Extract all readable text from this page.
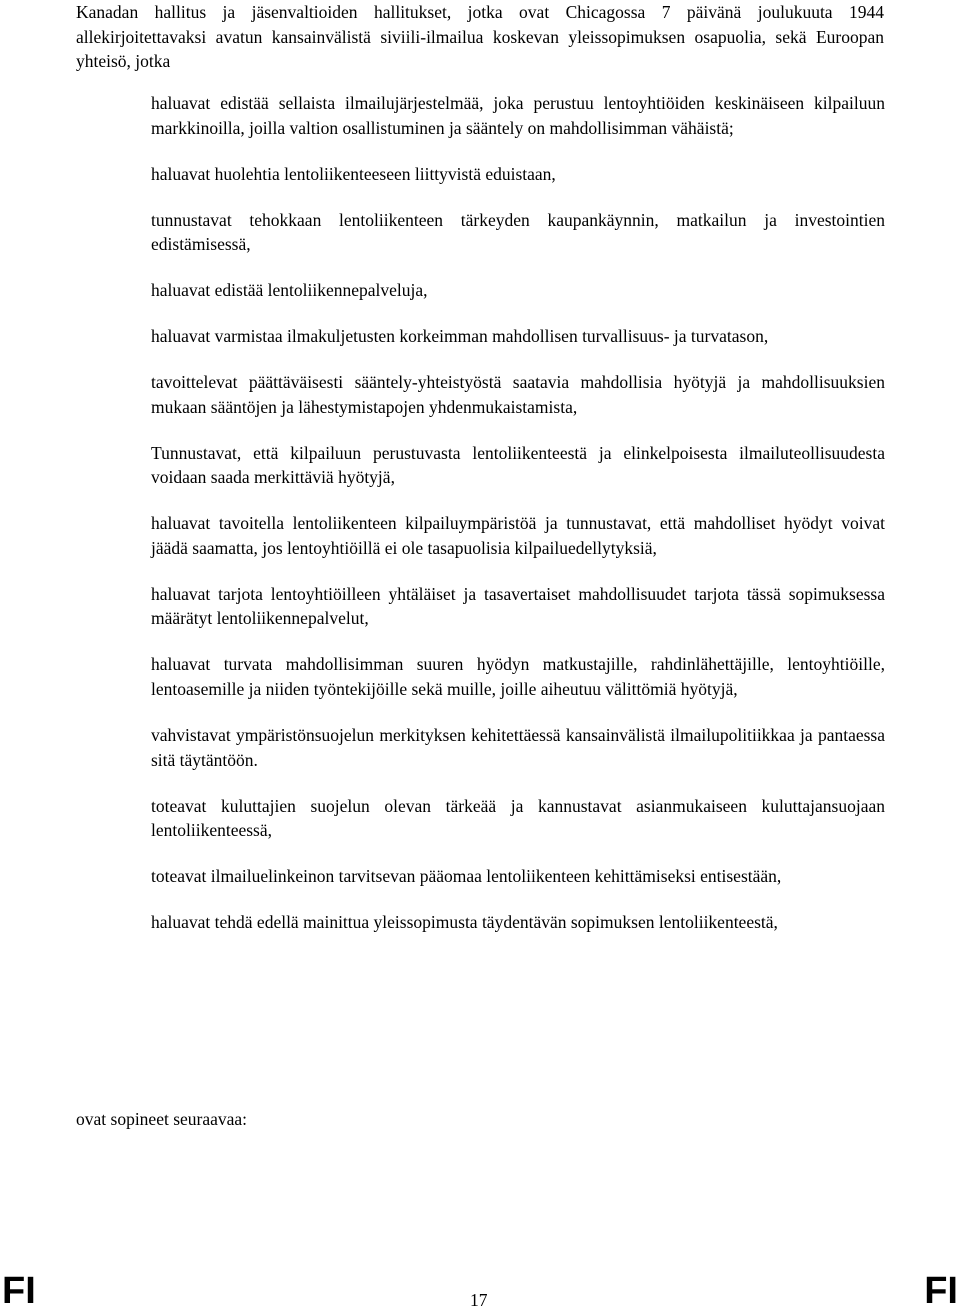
Kanadan hallitus ja jäsenvaltioiden hallitukset, jotka ovat Chicagossa 7 päivänä joulukuuta 1944 allekirjoitettavaksi avatun kansainvälistä siviili-ilmailua koskevan yleissopimuksen osapuolia, sekä Euroopan yhteisö, jotka

haluavat edistää sellaista ilmailujärjestelmää, joka perustuu lentoyhtiöiden keskinäiseen kilpailuun markkinoilla, joilla valtion osallistuminen ja sääntely on mahdollisimman vähäistä;
haluavat huolehtia lentoliikenteeseen liittyvistä eduistaan,
tunnustavat tehokkaan lentoliikenteen tärkeyden kaupankäynnin, matkailun ja investointien edistämisessä,
haluavat edistää lentoliikennepalveluja,
haluavat varmistaa ilmakuljetusten korkeimman mahdollisen turvallisuus- ja turvatason,
tavoittelevat päättäväisesti sääntely-yhteistyöstä saatavia mahdollisia hyötyjä ja mahdollisuuksien mukaan sääntöjen ja lähestymistapojen yhdenmukaistamista,
Tunnustavat, että kilpailuun perustuvasta lentoliikenteestä ja elinkelpoisesta ilmailuteollisuudesta voidaan saada merkittäviä hyötyjä,
haluavat tavoitella lentoliikenteen kilpailuympäristöä ja tunnustavat, että mahdolliset hyödyt voivat jäädä saamatta, jos lentoyhtiöillä ei ole tasapuolisia kilpailuedellytyksiä,
haluavat tarjota lentoyhtiöilleen yhtäläiset ja tasavertaiset mahdollisuudet tarjota tässä sopimuksessa määrätyt lentoliikennepalvelut,
haluavat turvata mahdollisimman suuren hyödyn matkustajille, rahdinlähettäjille, lentoyhtiöille, lentoasemille ja niiden työntekijöille sekä muille, joille aiheutuu välittömiä hyötyjä,
vahvistavat ympäristönsuojelun merkityksen kehitettäessä kansainvälistä ilmailupolitiikkaa ja pantaessa sitä täytäntöön.
toteavat kuluttajien suojelun olevan tärkeää ja kannustavat asianmukaiseen kuluttajansuojaan lentoliikenteessä,
toteavat ilmailuelinkeinon tarvitsevan pääomaa lentoliikenteen kehittämiseksi entisestään,
haluavat tehdä edellä mainittua yleissopimusta täydentävän sopimuksen lentoliikenteestä,

ovat sopineet seuraavaa:

FI	17	FI
